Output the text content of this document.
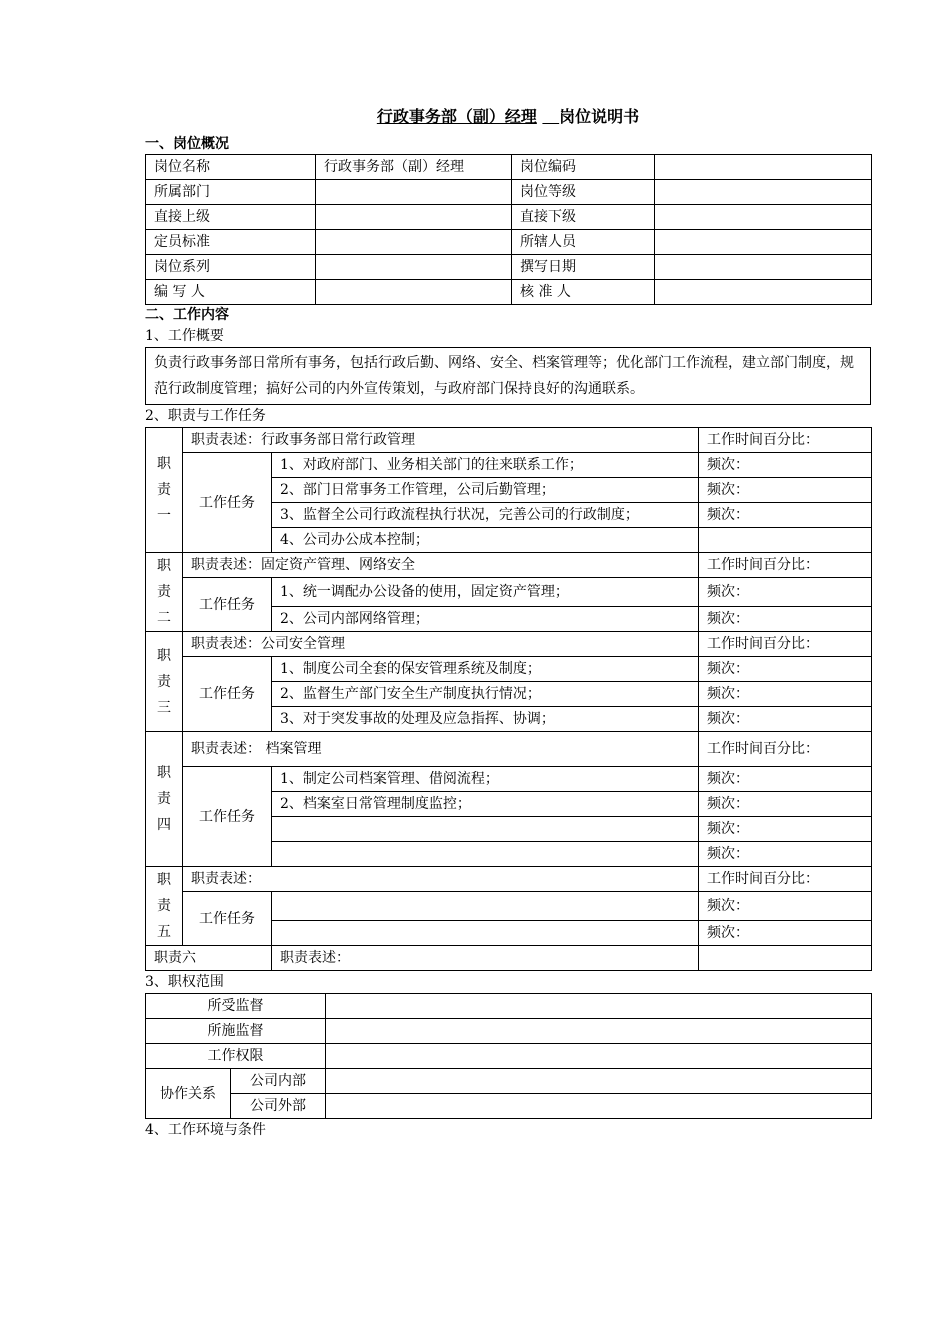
行政事务部（副）经理 岗位说明书
一、岗位概况
岗位名称	行政事务部（副）经理	岗位编码	
所属部门		岗位等级	
直接上级		直接下级	
定员标准		所辖人员	
岗位系列		撰写日期	
编 写 人		核 准 人	
二、工作内容
1、工作概要
负责行政事务部日常所有事务，包括行政后勤、网络、安全、档案管理等；优化部门工作流程，建立部门制度，规范行政制度管理；搞好公司的内外宣传策划，与政府部门保持良好的沟通联系。
2、职责与工作任务
职
责
一	职责表述：行政事务部日常行政管理		工作时间百分比：
	工作任务	1、对政府部门、业务相关部门的往来联系工作；	频次：
		2、部门日常事务工作管理，公司后勤管理；	频次：
		3、监督全公司行政流程执行状况，完善公司的行政制度；	频次：
		4、公司办公成本控制；	
职
责
二	职责表述：固定资产管理、网络安全		工作时间百分比：
	工作任务	1、统一调配办公设备的使用，固定资产管理；	频次：
		2、公司内部网络管理；	频次：
职
责
三	职责表述：公司安全管理		工作时间百分比：
	工作任务	1、制度公司全套的保安管理系统及制度；	频次：
		2、监督生产部门安全生产制度执行情况；	频次：
		3、对于突发事故的处理及应急指挥、协调；	频次：
职
责
四	职责表述： 档案管理		工作时间百分比：
	工作任务	1、制定公司档案管理、借阅流程；	频次：
		2、档案室日常管理制度监控；	频次：
			频次：
			频次：
职
责
五	职责表述：		工作时间百分比：
	工作任务		频次：
			频次：
职责六		职责表述：	
3、职权范围
所受监督		
所施监督		
工作权限		
协作关系	公司内部	
	公司外部	
4、工作环境与条件
